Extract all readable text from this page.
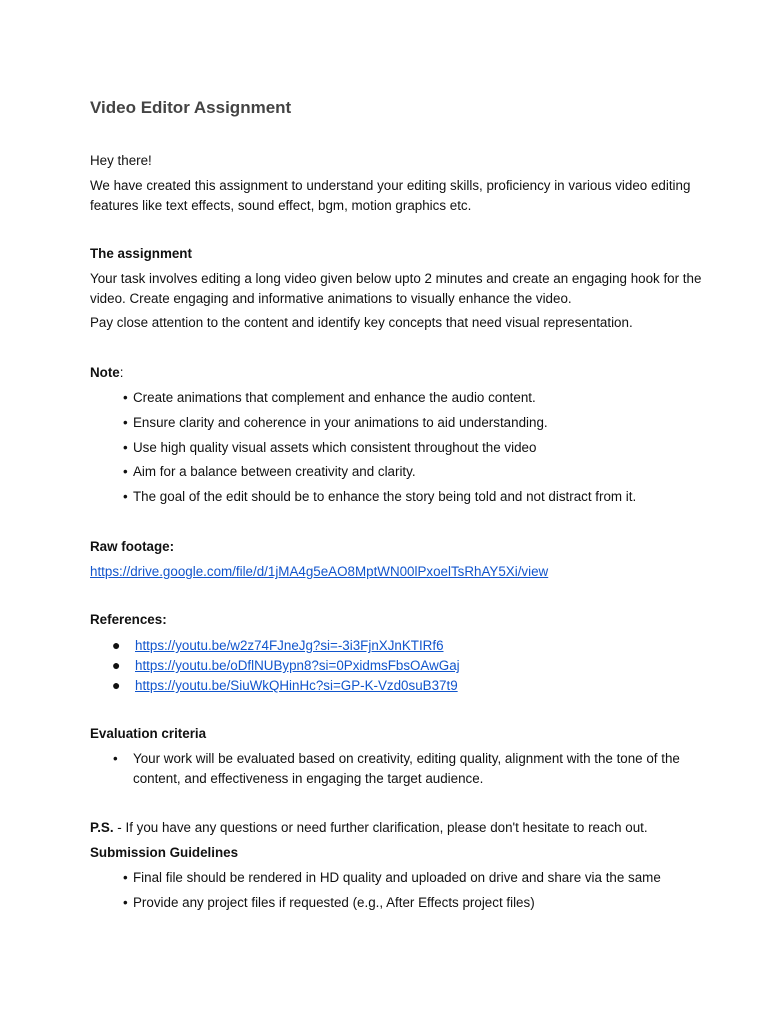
Video Editor Assignment
Hey there!
We have created this assignment to understand your editing skills, proficiency in various video editing features like text effects, sound effect, bgm, motion graphics etc.
The assignment
Your task involves editing a long video given below upto 2 minutes and create an engaging hook for the video. Create engaging and informative animations to visually enhance the video.
Pay close attention to the content and identify key concepts that need visual representation.
Note:
• Create animations that complement and enhance the audio content.
• Ensure clarity and coherence in your animations to aid understanding.
• Use high quality visual assets which consistent throughout the video
• Aim for a balance between creativity and clarity.
• The goal of the edit should be to enhance the story being told and not distract from it.
Raw footage:
https://drive.google.com/file/d/1jMA4g5eAO8MptWN00lPxoelTsRhAY5Xi/view
References:
● https://youtu.be/w2z74FJneJg?si=-3i3FjnXJnKTIRf6
● https://youtu.be/oDflNUBypn8?si=0PxidmsFbsOAwGaj
● https://youtu.be/SiuWkQHinHc?si=GP-K-Vzd0suB37t9
Evaluation criteria
• Your work will be evaluated based on creativity, editing quality, alignment with the tone of the content, and effectiveness in engaging the target audience.
P.S. - If you have any questions or need further clarification, please don't hesitate to reach out.
Submission Guidelines
• Final file should be rendered in HD quality and uploaded on drive and share via the same
• Provide any project files if requested (e.g., After Effects project files)
